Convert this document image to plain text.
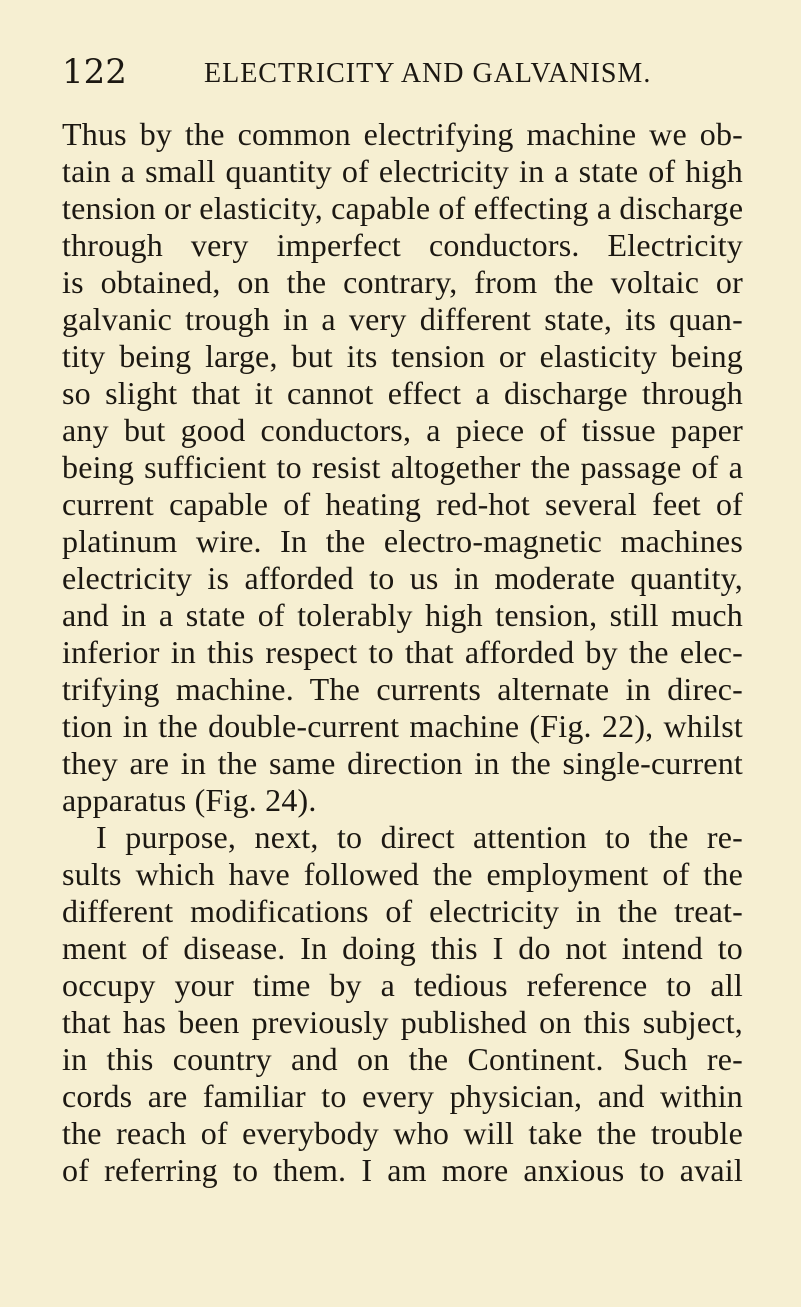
122	ELECTRICITY AND GALVANISM.
Thus by the common electrifying machine we ob-
tain a small quantity of electricity in a state of high
tension or elasticity, capable of effecting a discharge
through very imperfect conductors. Electricity
is obtained, on the contrary, from the voltaic or
galvanic trough in a very different state, its quan-
tity being large, but its tension or elasticity being
so slight that it cannot effect a discharge through
any but good conductors, a piece of tissue paper
being sufficient to resist altogether the passage of a
current capable of heating red-hot several feet of
platinum wire. In the electro-magnetic machines
electricity is afforded to us in moderate quantity,
and in a state of tolerably high tension, still much
inferior in this respect to that afforded by the elec-
trifying machine. The currents alternate in direc-
tion in the double-current machine (Fig. 22), whilst
they are in the same direction in the single-current
apparatus (Fig. 24).
I purpose, next, to direct attention to the re-
sults which have followed the employment of the
different modifications of electricity in the treat-
ment of disease. In doing this I do not intend to
occupy your time by a tedious reference to all
that has been previously published on this subject,
in this country and on the Continent. Such re-
cords are familiar to every physician, and within
the reach of everybody who will take the trouble
of referring to them. I am more anxious to avail
